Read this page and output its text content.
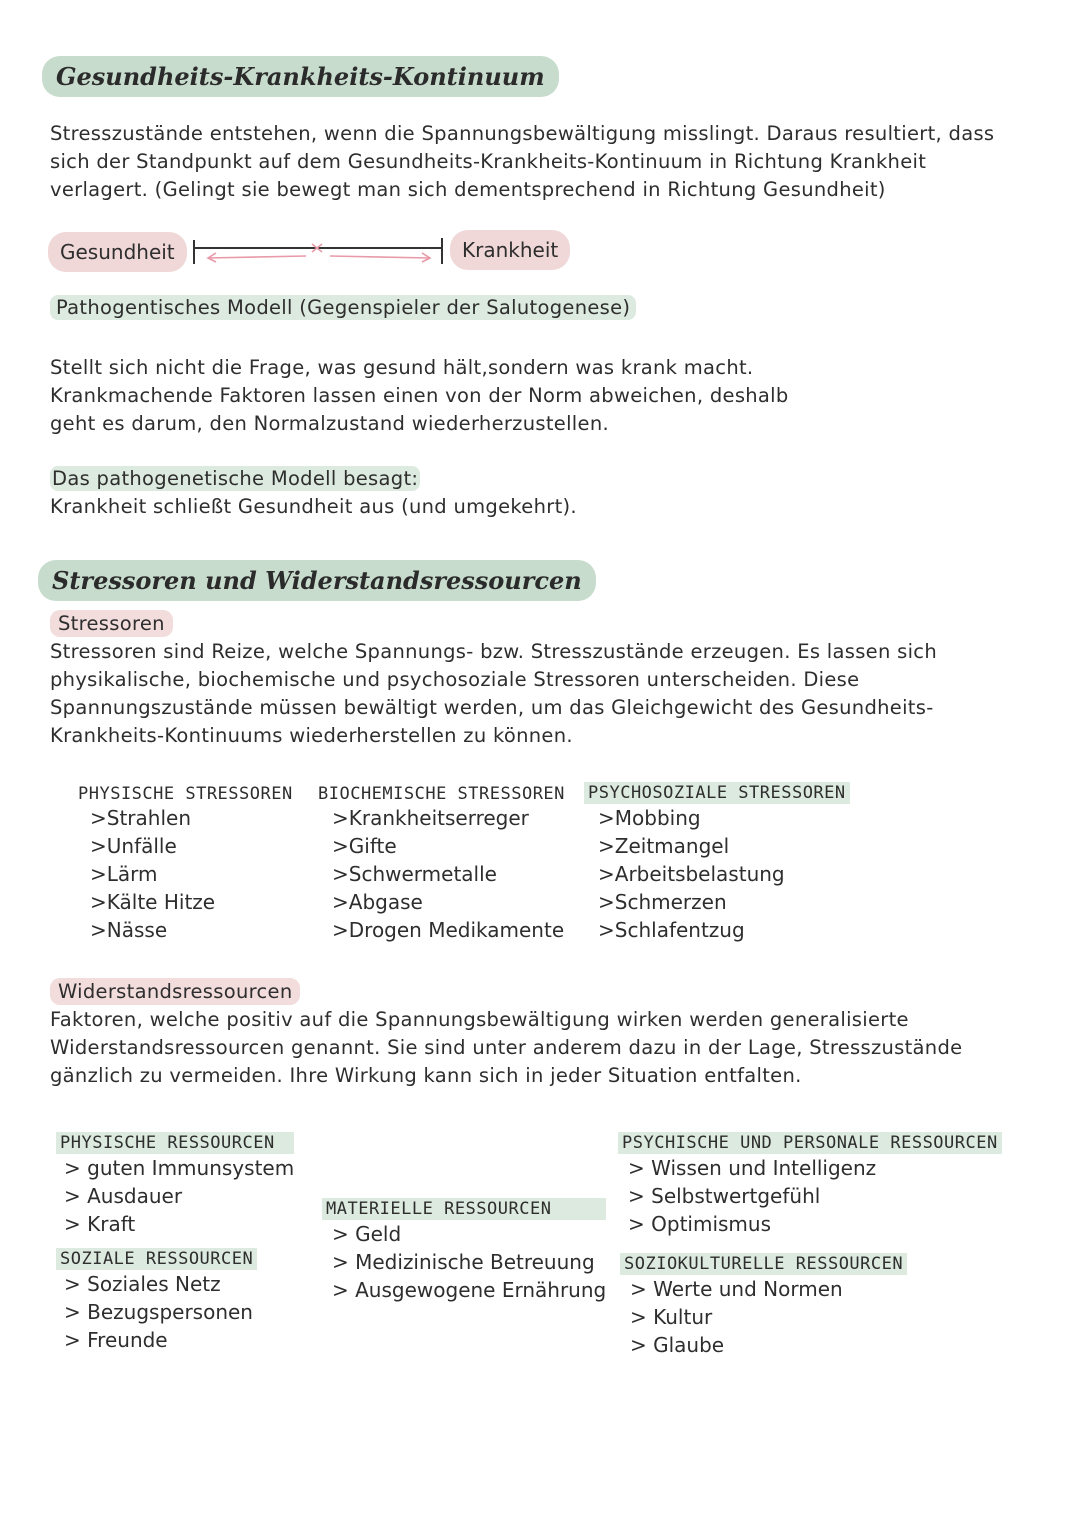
Gesundheits-Krankheits-Kontinuum

Stresszustände entstehen, wenn die Spannungsbewältigung misslingt. Daraus resultiert, dass

sich der Standpunkt auf dem Gesundheits-Krankheits-Kontinuum in Richtung Krankheit

verlagert. (Gelingt sie bewegt man sich dementsprechend in Richtung Gesundheit)

Gesundheit	Krankheit
Pathogentisches Modell (Gegenspieler der Salutogenese)

Stellt sich nicht die Frage, was gesund hält,sondern was krank macht.

Krankmachende Faktoren lassen einen von der Norm abweichen, deshalb

geht es darum, den Normalzustand wiederherzustellen.

Das pathogenetische Modell besagt:

Krankheit schließt Gesundheit aus (und umgekehrt).

Stressoren und Widerstandsressourcen
Stressoren

Stressoren sind Reize, welche Spannungs- bzw. Stresszustände erzeugen. Es lassen sich

physikalische, biochemische und psychosoziale Stressoren unterscheiden. Diese

Spannungszustände müssen bewältigt werden, um das Gleichgewicht des Gesundheits-

Krankheits-Kontinuums wiederherstellen zu können.

PHYSISCHE STRESSOREN
> Strahlen
> Unfälle
> Lärm
> Kälte Hitze
> Nässe
BIOCHEMISCHE STRESSOREN
> Krankheitserreger
> Gifte
> Schwermetalle
> Abgase
> Drogen Medikamente
PSYCHOSOZIALE STRESSOREN
> Mobbing
> Zeitmangel
> Arbeitsbelastung
> Schmerzen
> Schlafentzug
Widerstandsressourcen

Faktoren, welche positiv auf die Spannungsbewältigung wirken werden generalisierte

Widerstandsressourcen genannt. Sie sind unter anderem dazu in der Lage, Stresszustände

gänzlich zu vermeiden. Ihre Wirkung kann sich in jeder Situation entfalten.

PHYSISCHE RESSOURCEN
> guten Immunsystem
> Ausdauer
> Kraft
SOZIALE RESSOURCEN
> Soziales Netz
> Bezugspersonen
> Freunde
MATERIELLE RESSOURCEN
> Geld
> Medizinische Betreuung
> Ausgewogene Ernährung
PSYCHISCHE UND PERSONALE RESSOURCEN
> Wissen und Intelligenz
> Selbstwertgefühl
> Optimismus
SOZIOKULTURELLE RESSOURCEN
> Werte und Normen
> Kultur
> Glaube
